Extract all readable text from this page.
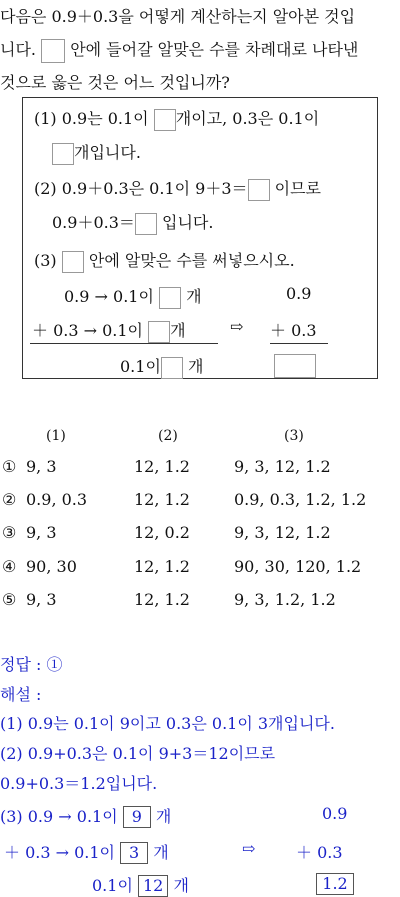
다음은 0.9＋0.3을 어떻게 계산하는지 알아본 것입
니다. 안에 들어갈 알맞은 수를 차례대로 나타낸
것으로 옳은 것은 어느 것입니까?
(1) 0.9는 0.1이 개이고, 0.3은 0.1이
개입니다.
(2) 0.9＋0.3은 0.1이 9＋3＝ 이므로
0.9＋0.3＝ 입니다.
(3) 안에 알맞은 수를 써넣으시오.
0.9 → 0.1이 개	0.9
＋ 0.3 → 0.1이 개	⇨ ＋ 0.3
0.1이 개
(1)	(2)	(3)
① 9, 3	12, 1.2	9, 3, 12, 1.2
② 0.9, 0.3	12, 1.2	0.9, 0.3, 1.2, 1.2
③ 9, 3	12, 0.2	9, 3, 12, 1.2
④ 90, 30	12, 1.2	90, 30, 120, 1.2
⑤ 9, 3	12, 1.2	9, 3, 1.2, 1.2
정답 : ①
해설 :
(1) 0.9는 0.1이 9이고 0.3은 0.1이 3개입니다.
(2) 0.9+0.3은 0.1이 9+3＝12이므로
0.9+0.3＝1.2입니다.
(3) 0.9 → 0.1이 9 개	0.9
＋ 0.3 → 0.1이 3 개	⇨	＋ 0.3
0.1이 12 개	1.2
